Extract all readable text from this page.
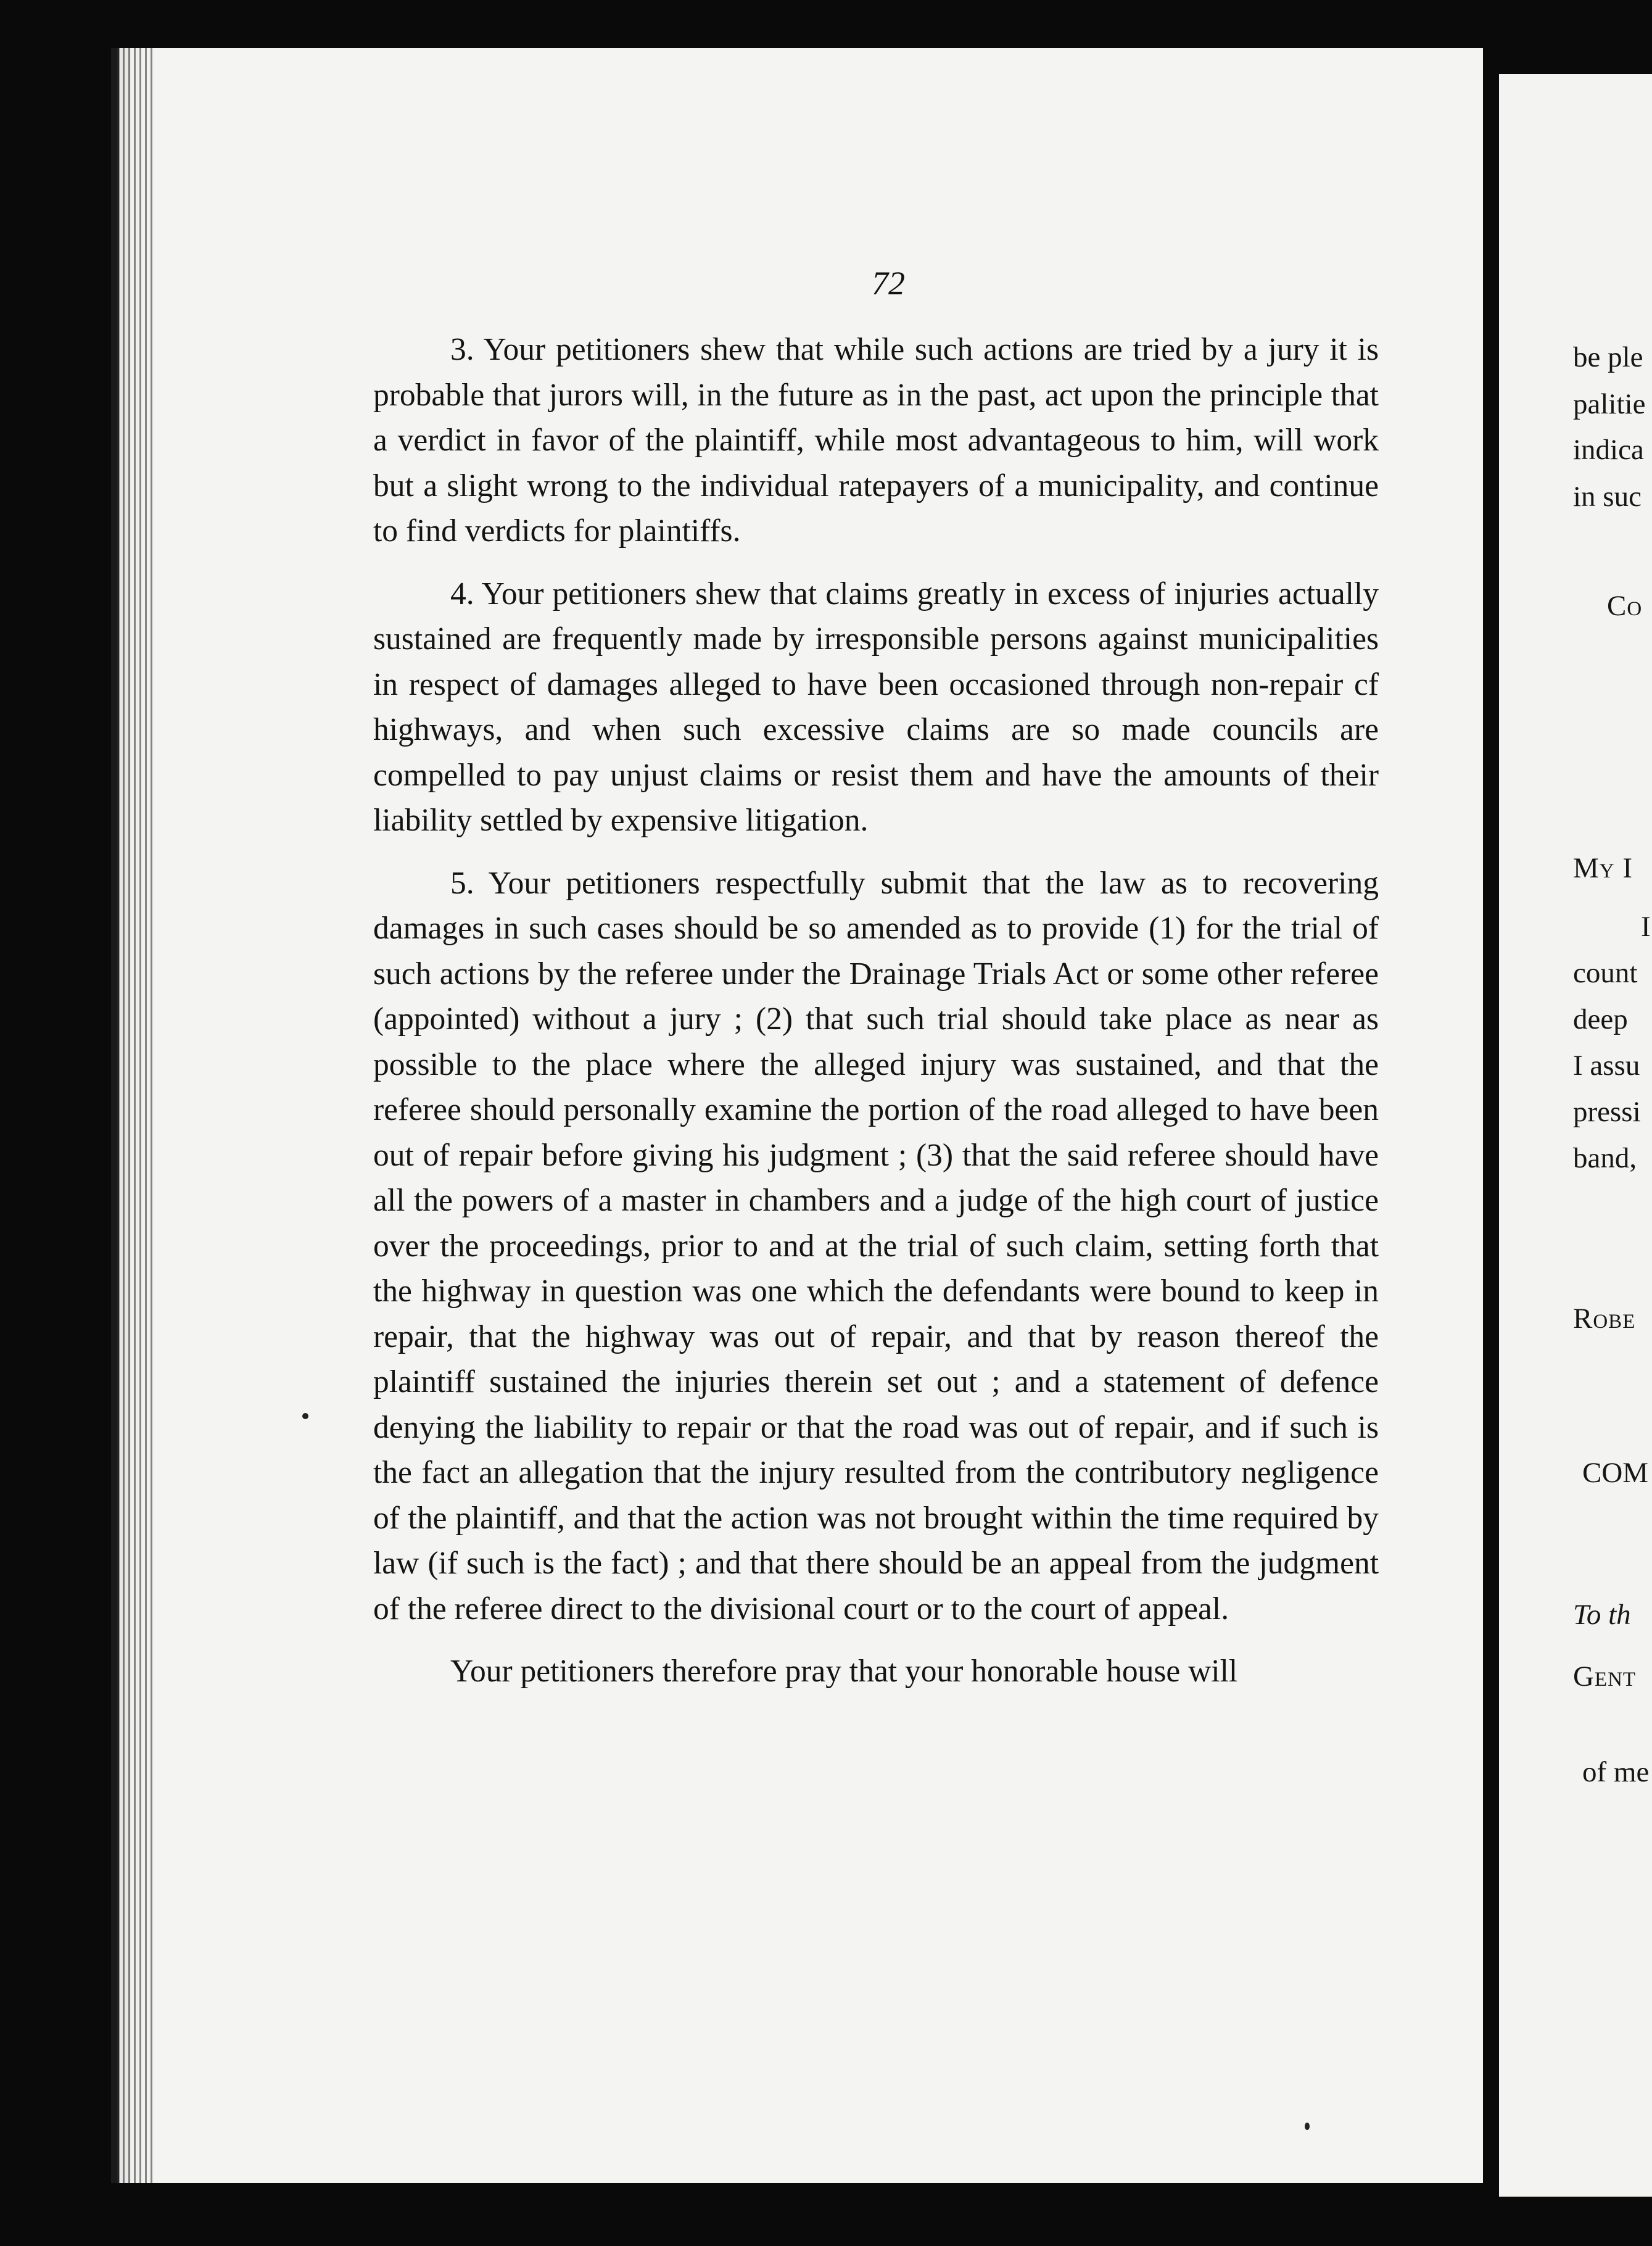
72

3. Your petitioners shew that while such actions are tried by a jury it is probable that jurors will, in the future as in the past, act upon the principle that a verdict in favor of the plaintiff, while most advantageous to him, will work but a slight wrong to the individual ratepayers of a municipality, and continue to find verdicts for plaintiffs.

4. Your petitioners shew that claims greatly in excess of injuries actually sustained are frequently made by irresponsible persons against municipalities in respect of damages alleged to have been occasioned through non-repair cf highways, and when such excessive claims are so made councils are compelled to pay unjust claims or resist them and have the amounts of their liability settled by expensive litigation.

5. Your petitioners respectfully submit that the law as to recovering damages in such cases should be so amended as to provide (1) for the trial of such actions by the referee under the Drainage Trials Act or some other referee (appointed) without a jury ; (2) that such trial should take place as near as possible to the place where the alleged injury was sustained, and that the referee should personally examine the portion of the road alleged to have been out of repair before giving his judgment ; (3) that the said referee should have all the powers of a master in chambers and a judge of the high court of justice over the proceedings, prior to and at the trial of such claim, setting forth that the highway in question was one which the defendants were bound to keep in repair, that the highway was out of repair, and that by reason thereof the plaintiff sustained the injuries therein set out ; and a statement of defence denying the liability to repair or that the road was out of repair, and if such is the fact an allegation that the injury resulted from the contributory negligence of the plaintiff, and that the action was not brought within the time required by law (if such is the fact) ; and that there should be an appeal from the judgment of the referee direct to the divisional court or to the court of appeal.

Your petitioners therefore pray that your honorable house will

be ple
palitie
indica
in suc
Co
My I
I
count
deep
I assu
pressi
band,
Robe
COM
To th
Gent
of me
